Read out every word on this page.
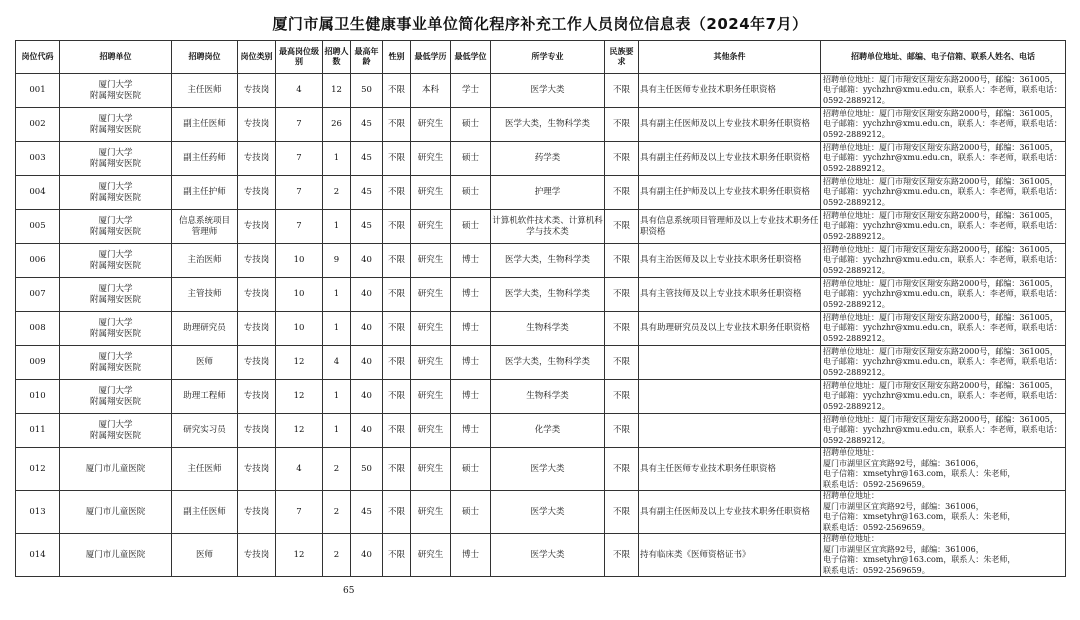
厦门市属卫生健康事业单位简化程序补充工作人员岗位信息表（2024年7月）
岗位代码	招聘单位	招聘岗位	岗位类别	最高岗位级别	招聘人数	最高年龄	性别	最低学历	最低学位	所学专业	民族要求	其他条件	招聘单位地址、邮编、电子信箱、联系人姓名、电话
001	厦门大学
附属翔安医院	主任医师	专技岗	4	12	50	不限	本科	学士	医学大类	不限	具有主任医师专业技术职务任职资格	招聘单位地址：厦门市翔安区翔安东路2000号，邮编：361005，电子邮箱：yychzhr@xmu.edu.cn，联系人：李老师，联系电话：0592-2889212。
002	厦门大学
附属翔安医院	副主任医师	专技岗	7	26	45	不限	研究生	硕士	医学大类，生物科学类	不限	具有副主任医师及以上专业技术职务任职资格	招聘单位地址：厦门市翔安区翔安东路2000号，邮编：361005，电子邮箱：yychzhr@xmu.edu.cn，联系人：李老师，联系电话：0592-2889212。
003	厦门大学
附属翔安医院	副主任药师	专技岗	7	1	45	不限	研究生	硕士	药学类	不限	具有副主任药师及以上专业技术职务任职资格	招聘单位地址：厦门市翔安区翔安东路2000号，邮编：361005，电子邮箱：yychzhr@xmu.edu.cn，联系人：李老师，联系电话：0592-2889212。
004	厦门大学
附属翔安医院	副主任护师	专技岗	7	2	45	不限	研究生	硕士	护理学	不限	具有副主任护师及以上专业技术职务任职资格	招聘单位地址：厦门市翔安区翔安东路2000号，邮编：361005，电子邮箱：yychzhr@xmu.edu.cn，联系人：李老师，联系电话：0592-2889212。
005	厦门大学
附属翔安医院	信息系统项目
管理师	专技岗	7	1	45	不限	研究生	硕士	计算机软件技术类、计算机科学与技术类	不限	具有信息系统项目管理师及以上专业技术职务任职资格	招聘单位地址：厦门市翔安区翔安东路2000号，邮编：361005，电子邮箱：yychzhr@xmu.edu.cn，联系人：李老师，联系电话：0592-2889212。
006	厦门大学
附属翔安医院	主治医师	专技岗	10	9	40	不限	研究生	博士	医学大类，生物科学类	不限	具有主治医师及以上专业技术职务任职资格	招聘单位地址：厦门市翔安区翔安东路2000号，邮编：361005，电子邮箱：yychzhr@xmu.edu.cn，联系人：李老师，联系电话：0592-2889212。
007	厦门大学
附属翔安医院	主管技师	专技岗	10	1	40	不限	研究生	博士	医学大类，生物科学类	不限	具有主管技师及以上专业技术职务任职资格	招聘单位地址：厦门市翔安区翔安东路2000号，邮编：361005，电子邮箱：yychzhr@xmu.edu.cn，联系人：李老师，联系电话：0592-2889212。
008	厦门大学
附属翔安医院	助理研究员	专技岗	10	1	40	不限	研究生	博士	生物科学类	不限	具有助理研究员及以上专业技术职务任职资格	招聘单位地址：厦门市翔安区翔安东路2000号，邮编：361005，电子邮箱：yychzhr@xmu.edu.cn，联系人：李老师，联系电话：0592-2889212。
009	厦门大学
附属翔安医院	医师	专技岗	12	4	40	不限	研究生	博士	医学大类，生物科学类	不限		招聘单位地址：厦门市翔安区翔安东路2000号，邮编：361005，电子邮箱：yychzhr@xmu.edu.cn，联系人：李老师，联系电话：0592-2889212。
010	厦门大学
附属翔安医院	助理工程师	专技岗	12	1	40	不限	研究生	博士	生物科学类	不限		招聘单位地址：厦门市翔安区翔安东路2000号，邮编：361005，电子邮箱：yychzhr@xmu.edu.cn，联系人：李老师，联系电话：0592-2889212。
011	厦门大学
附属翔安医院	研究实习员	专技岗	12	1	40	不限	研究生	博士	化学类	不限		招聘单位地址：厦门市翔安区翔安东路2000号，邮编：361005，电子邮箱：yychzhr@xmu.edu.cn，联系人：李老师，联系电话：0592-2889212。
012	厦门市儿童医院	主任医师	专技岗	4	2	50	不限	研究生	硕士	医学大类	不限	具有主任医师专业技术职务任职资格	招聘单位地址：
厦门市湖里区宜宾路92号，邮编：361006，
电子信箱：xmsetyhr@163.com，联系人：朱老师，
联系电话：0592-2569659。
013	厦门市儿童医院	副主任医师	专技岗	7	2	45	不限	研究生	硕士	医学大类	不限	具有副主任医师及以上专业技术职务任职资格	招聘单位地址：
厦门市湖里区宜宾路92号，邮编：361006，
电子信箱：xmsetyhr@163.com，联系人：朱老师，
联系电话：0592-2569659。
014	厦门市儿童医院	医师	专技岗	12	2	40	不限	研究生	博士	医学大类	不限	持有临床类《医师资格证书》	招聘单位地址：
厦门市湖里区宜宾路92号，邮编：361006，
电子信箱：xmsetyhr@163.com，联系人：朱老师，
联系电话：0592-2569659。
65
